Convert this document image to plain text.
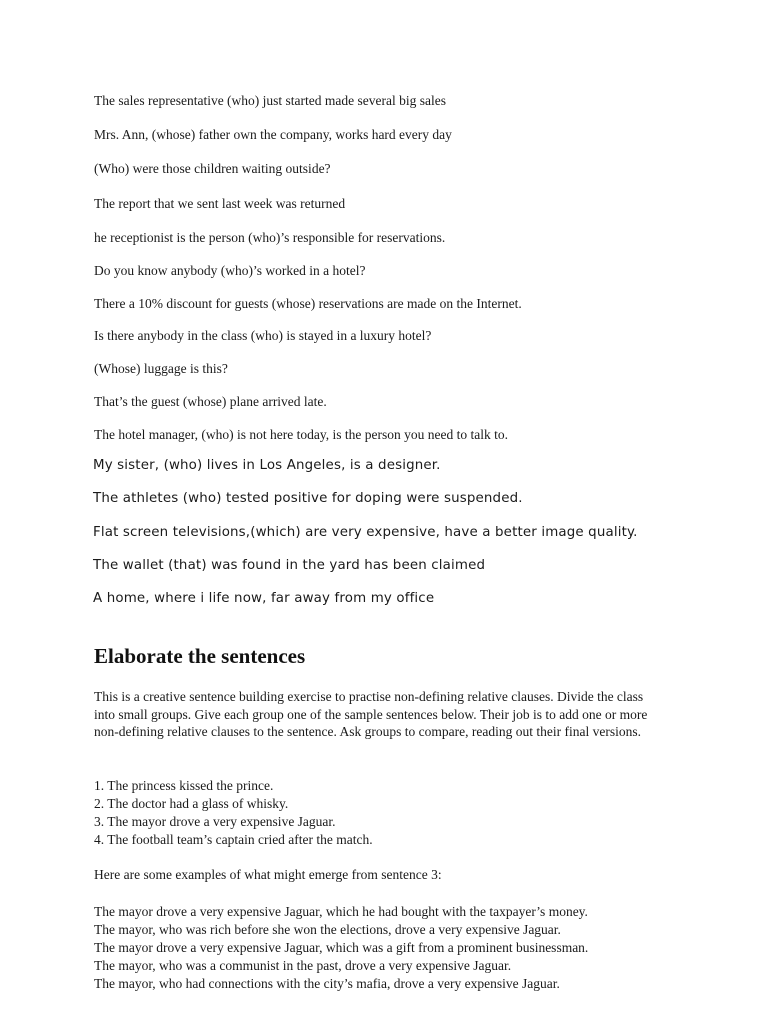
The sales representative (who) just started made several big sales
Mrs. Ann, (whose) father own the company, works hard every day
(Who) were those children waiting outside?
The report that we sent last week was returned
he receptionist is the person (who)’s responsible for reservations.
Do you know anybody (who)’s worked in a hotel?
There a 10% discount for guests (whose) reservations are made on the Internet.
Is there anybody in the class (who) is stayed in a luxury hotel?
(Whose) luggage is this?
That’s the guest (whose) plane arrived late.
The hotel manager, (who) is not here today, is the person you need to talk to.
My sister, (who) lives in Los Angeles, is a designer.
The athletes (who) tested positive for doping were suspended.
Flat screen televisions,(which) are very expensive, have a better image quality.
The wallet (that) was found in the yard has been claimed
A home, where i life now, far away from my office
Elaborate the sentences
This is a creative sentence building exercise to practise non-defining relative clauses. Divide the class into small groups. Give each group one of the sample sentences below. Their job is to add one or more non-defining relative clauses to the sentence. Ask groups to compare, reading out their final versions.
1. The princess kissed the prince.
2. The doctor had a glass of whisky.
3. The mayor drove a very expensive Jaguar.
4. The football team’s captain cried after the match.
Here are some examples of what might emerge from sentence 3:
The mayor drove a very expensive Jaguar, which he had bought with the taxpayer’s money.
The mayor, who was rich before she won the elections, drove a very expensive Jaguar.
The mayor drove a very expensive Jaguar, which was a gift from a prominent businessman.
The mayor, who was a communist in the past, drove a very expensive Jaguar.
The mayor, who had connections with the city’s mafia, drove a very expensive Jaguar.
